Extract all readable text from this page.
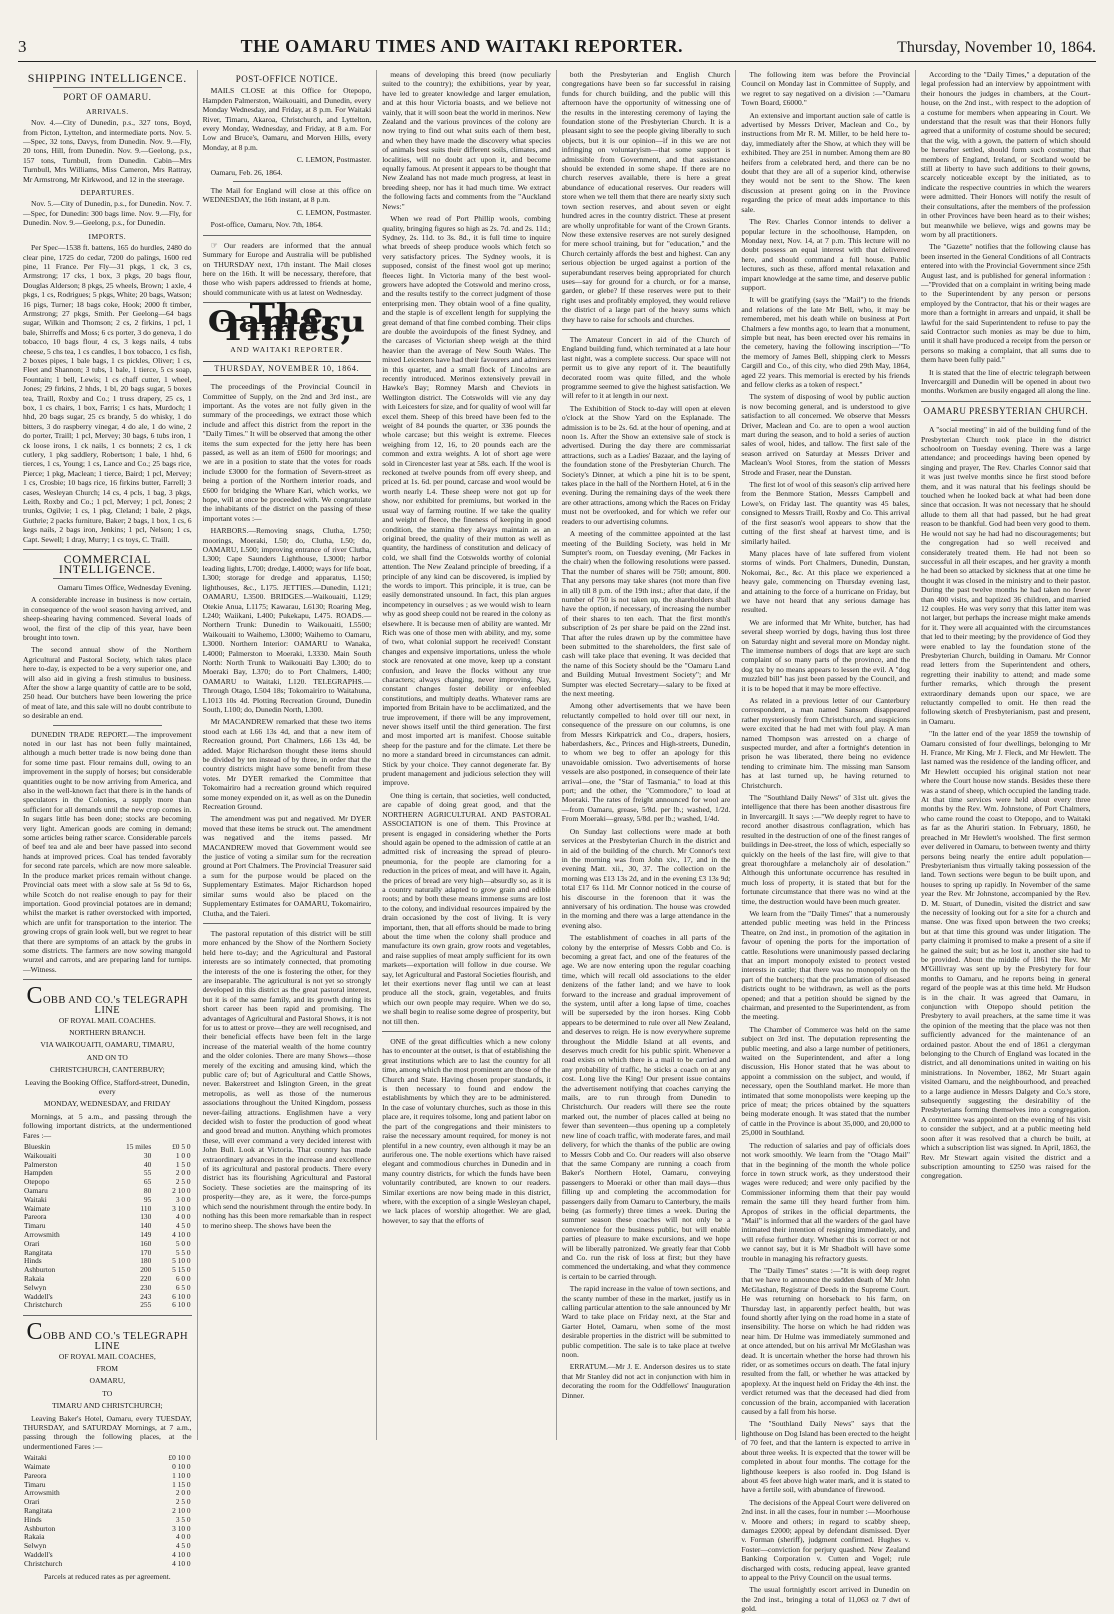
3	THE OAMARU TIMES AND WAITAKI REPORTER.	Thursday, November 10, 1864.
SHIPPING INTELLIGENCE.
PORT OF OAMARU.
ARRIVALS.

Nov. 4.—City of Dunedin, p.s., 327 tons, Boyd, from Picton, Lyttelton, and intermediate ports. Nov. 5.—Spec, 32 tons, Davys, from Dunedin. Nov. 9.—Fly, 20 tons, Hill, from Dunedin. Nov. 9.—Geelong, p.s., 157 tons, Turnbull, from Dunedin. Cabin—Mrs Turnbull, Mrs Williams, Miss Cameron, Mrs Rattray, Mr Armstrong, Mr Kirkwood, and 12 in the steerage.

DEPARTURES.

Nov. 5.—City of Dunedin, p.s., for Dunedin. Nov. 7.—Spec, for Dunedin: 300 bags lime. Nov. 9.—Fly, for Dunedin. Nov. 9.—Geelong, p.s., for Dunedin.

IMPORTS.

Per Spec—1538 ft. battens, 165 do hurdles, 2480 do clear pine, 1725 do cedar, 7200 do palings, 1600 red pine, 11 France. Per Fly—31 pkgs, 1 ck, 3 cs, Armstrong; 17 cks, 1 box, 3 pkgs, 20 bags flour, Douglas Alderson; 8 pkgs, 25 wheels, Brown; 1 axle, 4 pkgs, 1 cs, Rodrigues; 5 pkgs, White; 20 bags, Watson; 16 pigs, Turner; 18 bags coke, Hook; 2000 ft timber, Armstrong; 27 pkgs, Smith. Per Geelong—64 bags sugar, Wilkin and Thomson; 2 cs, 2 firkins, 1 pcl, 1 bale, Shirreffs and Moss; 6 cs porter, 3 do geneva, 1 do tobacco, 10 bags flour, 4 cs, 3 kegs nails, 4 tubs cheese, 5 chs tea, 1 cs candles, 1 box tobacco, 1 cs fish, 2 boxes pipes, 1 bale bags, 1 cs pickles, Oliver; 1 cs, Fleet and Shannon; 3 tubs, 1 bale, 1 tierce, 5 cs soap, Fountain; 1 bell, Lewis; 1 cs chaff cutter, 1 wheel, Jones; 29 firkins, 2 hhds, 1 bl, 20 bags sugar, 5 boxes tea, Traill, Roxby and Co.; 1 truss drapery, 25 cs, 1 box, 1 cs chairs, 1 box, Farris; 1 cs hats, Murdoch; 1 hhd, 20 bags sugar, 25 cs brandy, 5 do whisky, 1 do bitters, 3 do raspberry vinegar, 4 do ale, 1 do wine, 2 do porter, Traill; 1 pcl, Mervey; 30 bags, 6 tubs iron, 1 ck loose irons, 1 ck nails, 1 cs bonnets; 2 cs, 1 ck cutlery, 1 pkg saddlery, Robertson; 1 bale, 1 hhd, 6 tierces, 1 cs, Young; 1 cs, Lance and Co.; 25 bags rice, Pierce; 1 pkg, Maclean; 1 tierce, Baird; 1 pcl, Mervey; 1 cs, Crosbie; 10 bags rice, 16 firkins butter, Farrell; 3 cases, Wesleyan Church; 14 cs, 4 pcls, 1 bag, 3 pkgs, Leith, Roxby and Co.; 1 pcl, Mervey; 1 pcl, Jones; 2 trunks, Ogilvie; 1 cs, 1 pkg, Cleland; 1 bale, 2 pkgs, Guthrie; 2 packs furniture, Baker; 2 bags, 1 box, 1 cs, 6 kegs nails, 2 bags iron, Jenkins; 1 pcl, Nelson; 1 cs, Capt. Sewell; 1 dray, Murry; 1 cs toys, C. Traill.

COMMERCIAL INTELLIGENCE.

Oamaru Times Office, Wednesday Evening.

A considerable increase in business is now certain, in consequence of the wool season having arrived, and sheep-shearing having commenced. Several loads of wool, the first of the clip of this year, have been brought into town.

The second annual show of the Northern Agricultural and Pastoral Society, which takes place here to-day, is expected to be a very superior one, and will also aid in giving a fresh stimulus to business. After the show a large quantity of cattle are to be sold, 250 head. Our butchers have been lowering the price of meat of late, and this sale will no doubt contribute to so desirable an end.

DUNEDIN TRADE REPORT.—The improvement noted in our last has not been fully maintained, although a much better trade is now being done than for some time past. Flour remains dull, owing to an improvement in the supply of horses; but considerable quantities ought to be now arriving from America, and also in the well-known fact that there is in the hands of speculators in the Colonies, a supply more than sufficient for all demands until the new crop comes in. In sugars little has been done; stocks are becoming very light. American goods are coming in demand; some articles being rather scarce. Considerable parcels of beef tea and ale and beer have passed into second hands at improved prices. Coal has tended favorably for second rate parcels, which are now more saleable. In the produce market prices remain without change. Provincial oats meet with a slow sale at 5s 9d to 6s, while Scotch do not realise enough to pay for their importation. Good provincial potatoes are in demand; whilst the market is rather overstocked with imported, which are unfit for transportation to the interior. The growing crops of grain look well, but we regret to hear that there are symptoms of an attack by the grubs in some districts. The farmers are now sowing mangold wurzel and carrots, and are preparing land for turnips.—Witness.

COBB AND CO.'s TELEGRAPH LINE

OF ROYAL MAIL COACHES.

NORTHERN BRANCH.

VIA WAIKOUAITI, OAMARU, TIMARU,

AND ON TO

CHRISTCHURCH, CANTERBURY;

Leaving the Booking Office, Stafford-street, Dunedin, every

MONDAY, WEDNESDAY, and FRIDAY

Mornings, at 5 a.m., and passing through the following important districts, at the undermentioned Fares :—

Blueskin	15 miles	£0 5 0
Waikouaiti	30	1 0 0
Palmerston	40	1 5 0
Hampden	55	2 0 0
Otepopo	65	2 5 0
Oamaru	80	2 10 0
Waitaki	95	3 0 0
Waimate	110	3 10 0
Pareora	130	4 0 0
Timaru	140	4 5 0
Arrowsmith	149	4 10 0
Orari	160	5 0 0
Rangitata	170	5 5 0
Hinds	180	5 10 0
Ashburton	200	5 15 0
Rakaia	220	6 0 0
Selwyn	230	6 5 0
Waddell's	243	6 10 0
Christchurch	255	6 10 0
COBB AND CO.'s TELEGRAPH LINE

OF ROYAL MAIL COACHES,

FROM

OAMARU,

TO

TIMARU AND CHRISTCHURCH;

Leaving Baker's Hotel, Oamaru, every TUESDAY, THURSDAY, and SATURDAY Mornings, at 7 a.m., passing through the following places, at the undermentioned Fares :—

Waitaki	£0 10 0
Waimate	0 10 0
Pareora	1 10 0
Timaru	1 15 0
Arrowsmith	2 0 0
Orari	2 5 0
Rangitata	2 10 0
Hinds	3 5 0
Ashburton	3 10 0
Rakaia	4 0 0
Selwyn	4 5 0
Waddell's	4 10 0
Christchurch	4 10 0

Parcels at reduced rates as per agreement.

POST-OFFICE NOTICE.

MAILS CLOSE at this Office for Otepopo, Hampden Palmerston, Waikouaiti, and Dunedin, every Monday Wednesday, and Friday, at 8 p.m. For Waitaki River, Timaru, Akaroa, Christchurch, and Lyttelton, every Monday, Wednesday, and Friday, at 8 a.m. For Low and Bruce's, Oamaru, and Morven Hills, every Monday, at 8 p.m.

C. LEMON, Postmaster.

Oamaru, Feb. 26, 1864.

The Mail for England will close at this office on WEDNESDAY, the 16th instant, at 8 p.m.

C. LEMON, Postmaster.

Post-office, Oamaru, Nov. 7th, 1864.

☞ Our readers are informed that the annual Summary for Europe and Australia will be published on THURSDAY next, 17th instant. The Mail closes here on the 16th. It will be necessary, therefore, that those who wish papers addressed to friends at home, should communicate with us at latest on Wednesday.

The Oamaru Times,
AND WAITAKI REPORTER.
THURSDAY, NOVEMBER 10, 1864.

The proceedings of the Provincial Council in Committee of Supply, on the 2nd and 3rd inst., are important. As the votes are not fully given in the summary of the proceedings, we extract those which include and affect this district from the report in the "Daily Times." It will be observed that among the other items the sum expected for the jetty here has been passed, as well as an item of £600 for moorings; and we are in a position to state that the votes for roads include £3000 for the formation of Severn-street as being a portion of the Northern interior roads, and £600 for bridging the Whare Kari, which works, we hope, will at once be proceeded with. We congratulate the inhabitants of the district on the passing of these important votes :—

HARBORS.—Removing snags, Clutha, L750; moorings, Moeraki, L50; do, Clutha, L50; do, OAMARU, L500; improving entrance of river Clutha, L300; Cape Saunders Lighthouse, L3000; harbor leading lights, L700; dredge, L4000; ways for life boat, L300; storage for dredge and apparatus, L150; lighthouses, &c., L175. JETTIES.—Dunedin, L121; OAMARU, L3500. BRIDGES.—Waikouaiti, L129; Otekie Anua, L1175; Kawarau, L6130; Roaring Meg, L240; Waiikani, L400; Pukekapu, L475. ROADS.—Northern Trunk: Dunedin to Waikouaiti, L5500; Waikouaiti to Waihemo, L3000; Waihemo to Oamaru, L3000. Northern Interior: OAMARU to Wanaka, L4000; Palmerston to Moeraki, L3330. Main South North: North Trunk to Waikouaiti Bay L300; do to Moeraki Bay, L370; do to Port Chalmers, L400; OAMARU to Waitaki, L120. TELEGRAPHS.—Through Otago, L504 18s; Tokomairiro to Waitahuna, L1013 10s 4d. Plotting Recreation Ground, Dunedin South, L100; do, Dunedin North, L300.

Mr MACANDREW remarked that these two items stood each at L66 13s 4d, and that a new item of Recreation ground, Port Chalmers, L66 13s 4d, be added. Major Richardson thought these items should be divided by ten instead of by three, in order that the country districts might have some benefit from these votes. Mr DYER remarked the Committee that Tokomairiro had a recreation ground which required some money expended on it, as well as on the Dunedin Recreation Ground.

The amendment was put and negatived. Mr DYER moved that these items be struck out. The amendment was negatived and the items passed. Mr MACANDREW moved that Government would see the justice of voting a similar sum for the recreation ground at Port Chalmers. The Provincial Treasurer said a sum for the purpose would be placed on the Supplementary Estimates. Major Richardson hoped similar sums would also be placed on the Supplementary Estimates for OAMARU, Tokomairiro, Clutha, and the Taieri.

The pastoral reputation of this district will be still more enhanced by the Show of the Northern Society held here to-day; and the Agricultural and Pastoral interests are so intimately connected, that promoting the interests of the one is fostering the other, for they are inseparable. The agricultural is not yet so strongly developed in this district as the great pastoral interest, but it is of the same family, and its growth during its short career has been rapid and promising. The advantages of Agricultural and Pastoral Shows, it is not for us to attest or prove—they are well recognised, and their beneficial effects have been felt in the large increase of the material wealth of the home country and the older colonies. There are many Shows—those merely of the exciting and amusing kind, which the public care of; but of Agricultural and Cattle Shows, never. Bakerstreet and Islington Green, in the great metropolis, as well as those of the numerous associations throughout the United Kingdom, possess never-failing attractions. Englishmen have a very decided wish to foster the production of good wheat and good bread and mutton. Anything which promotes these, will ever command a very decided interest with John Bull. Look at Victoria. That country has made extraordinary advances in the increase and excellence of its agricultural and pastoral products. There every district has its flourishing Agricultural and Pastoral Society. These societies are the mainspring of its prosperity—they are, as it were, the force-pumps which send the nourishment through the entire body. In nothing has this been more remarkable than in respect to merino sheep. The shows have been the

means of developing this breed (now peculiarly suited to the country); the exhibitions, year by year, have led to greater knowledge and larger emulation, and at this hour Victoria boasts, and we believe not vainly, that it will soon beat the world in merinos. New Zealand and the various provinces of the colony are now trying to find out what suits each of them best, and when they have made the discovery what species of animals best suits their different soils, climates, and localities, will no doubt act upon it, and become equally famous. At present it appears to be thought that New Zealand has not made much progress, at least in breeding sheep, nor has it had much time. We extract the following facts and comments from the "Auckland News:"

When we read of Port Phillip wools, combing quality, bringing figures so high as 2s. 7d. and 2s. 11d.; Sydney, 2s. 11d. to 3s. 8d., it is full time to inquire what breeds of sheep produce wools which fetch so very satisfactory prices. The Sydney wools, it is supposed, consist of the finest wool got up merino; fleeces light. In Victoria many of the best wool-growers have adopted the Cotswold and merino cross, and the results testify to the correct judgment of those enterprising men. They obtain wool of a fine quality, and the staple is of excellent length for supplying the great demand of that fine combed combing. Their clips are double the avoirdupois of the finest Sydney, and the carcases of Victorian sheep weigh at the third heavier than the average of New South Wales. The mixed Leicesters have had their favourers and admirers in this quarter, and a small flock of Lincolns are recently introduced. Merinos extensively prevail in Hawke's Bay; Romney Marsh and Cheviots in Wellington district. The Cotswolds will vie any day with Leicesters for size, and for quality of wool will far excel them. Sheep of this breed have been fed to the weight of 84 pounds the quarter, or 336 pounds the whole carcase; but this weight is extreme. Fleeces weighing from 12, 16, to 20 pounds each are the common and extra weights. A lot of short age were sold in Cirencester last year at 58s. each. If the wool is reckoned at twelve pounds from off every sheep, and priced at 1s. 6d. per pound, carcase and wool would be worth nearly L4. These sheep were not got up for show, nor exhibited for premiums, but worked in the usual way of farming routine. If we take the quality and weight of fleece, the fineness of keeping in good condition, the stamina they always maintain as an original breed, the quality of their mutton as well as quantity, the hardiness of constitution and delicacy of cold, we shall find the Cotswolds worthy of colonial attention. The New Zealand principle of breeding, if a principle of any kind can be discovered, is implied by the words to import. This principle, it is true, can be easily demonstrated unsound. In fact, this plan argues incompetency in ourselves ; as we would wish to learn why as good sheep could not be reared in the colony as elsewhere. It is because men of ability are wanted. Mr Rich was one of those men with ability, and my, some of two, what colonial support he received! Constant changes and expensive importations, unless the whole stock are renovated at one move, keep up a constant confusion, and leave the flocks without any true characters; always changing, never improving. Nay, constant changes foster debility or enfeebled constitutions, and multiply deaths. Whatever rams are imported from Britain have to be acclimatized, and the true improvement, if there will be any improvement, never shows itself until the third generation. The first and most imported art is manifest. Choose suitable sheep for the pasture and for the climate. Let there be no more a standard breed in circumstances can admit. Stick by your choice. They cannot degenerate far. By prudent management and judicious selection they will improve.

One thing is certain, that societies, well conducted, are capable of doing great good, and that the NORTHERN AGRICULTURAL AND PASTORAL ASSOCIATION is one of them. This Province at present is engaged in considering whether the Ports should again be opened to the admission of cattle at an admitted risk of increasing the spread of pleuro-pneumonia, for the people are clamoring for a reduction in the prices of meat, and will have it. Again, the prices of bread are very high—absurdly so, as it is a country naturally adapted to grow grain and edible roots; and by both these means immense sums are lost to the colony, and individual resources impaired by the drain occasioned by the cost of living. It is very important, then, that all efforts should be made to bring about the time when the colony shall produce and manufacture its own grain, grow roots and vegetables, and raise supplies of meat amply sufficient for its own markets—exportation will follow in due course. We say, let Agricultural and Pastoral Societies flourish, and let their exertions never flag until we can at least produce all the stock, grain, vegetables, and fruits which our own people may require. When we do so, we shall begin to realise some degree of prosperity, but not till then.

ONE of the great difficulties which a new colony has to encounter at the outset, is that of establishing the great institutions which are to last the country for all time, among which the most prominent are those of the Church and State. Having chosen proper standards, it is then necessary to found and endow the establishments by which they are to be administered. In the case of voluntary churches, such as those in this place are, it requires tolsome, long and patient labor on the part of the congregations and their ministers to raise the necessary amount required, for money is not plentiful in a new country, even although it may be an auriferous one. The noble exertions which have raised elegant and commodious churches in Dunedin and in many country districts, for which the funds have been voluntarily contributed, are known to our readers. Similar exertions are now being made in this district, where, with the exception of a single Wesleyan chapel, we lack places of worship altogether. We are glad, however, to say that the efforts of

both the Presbyterian and English Church congregations have been so far successful in raising funds for church building, and the public will this afternoon have the opportunity of witnessing one of the results in the interesting ceremony of laying the foundation stone of the Presbyterian Church. It is a pleasant sight to see the people giving liberally to such objects, but it is our opinion—if in this we are not infringing on voluntaryism—that some support is admissible from Government, and that assistance should be extended in some shape. If there are no church reserves available, there is here a great abundance of educational reserves. Our readers will store when we tell them that there are nearly sixty such town section reserves, and about seven or eight hundred acres in the country district. These at present are wholly unprofitable for want of the Crown Grants. Now these extensive reserves are not surely designed for mere school training, but for "education," and the Church certainly affords the best and highest. Can any serious objection be urged against a portion of the superabundant reserves being appropriated for church uses—say for ground for a church, or for a manse, garden, or glebe? If these reserves were put to their right uses and profitably employed, they would relieve the district of a large part of the heavy sums which they have to raise for schools and churches.

The Amateur Concert in aid of the Church of England building fund, which terminated at a late hour last night, was a complete success. Our space will not permit us to give any report of it. The beautifully decorated room was quite filled, and the whole programme seemed to give the highest satisfaction. We will refer to it at length in our next.

The Exhibition of Stock to-day will open at eleven o'clock at the Show Yard on the Esplanade. The admission is to be 2s. 6d. at the hour of opening, and at noon 1s. After the Show an extensive sale of stock is advertised. During the day there are commissariat attractions, such as a Ladies' Bazaar, and the laying of the foundation stone of the Presbyterian Church. The Society's Dinner, at which a pine hit is to be spent, takes place in the hall of the Northern Hotel, at 6 in the evening. During the remaining days of the week there are other attractions, among which the Races on Friday must not be overlooked, and for which we refer our readers to our advertising columns.

A meeting of the committee appointed at the last meeting of the Building Society, was held in Mr Sumpter's room, on Tuesday evening, (Mr Fackes in the chair) when the following resolutions were passed. That the number of shares will be 750; amount, 800. That any persons may take shares (not more than five in all) till 8 p.m. of the 19th inst.; after that date, if the number of 750 is not taken up, the shareholders shall have the option, if necessary, of increasing the number of their shares to ten each. That the first month's subscription of 2s per share be paid on the 22nd inst. That after the rules drawn up by the committee have been submitted to the shareholders, the first sale of cash will take place that evening. It was decided that the name of this Society should be the "Oamaru Land and Building Mutual Investment Society"; and Mr Sumpter was elected Secretary—salary to be fixed at the next meeting.

Among other advertisements that we have been reluctantly compelled to hold over till our next, in consequence of the pressure on our columns, is one from Messrs Kirkpatrick and Co., drapers, hosiers, haberdashers, &c., Princes and High-streets, Dunedin, to whom we beg to offer an apology for this unavoidable omission. Two advertisements of horse vessels are also postponed, in consequence of their late arrival—one, the "Star of Tasmania," to load at this port; and the other, the "Commodore," to load at Moeraki. The rates of freight announced for wool are—from Oamaru, grease, 5/8d. per lb.; washed, 1/2d. From Moeraki—greasy, 5/8d. per lb.; washed, 1/4d.

On Sunday last collections were made at both services at the Presbyterian Church in the district and in aid of the building of the church. Mr Connor's text in the morning was from John xiv., 17, and in the evening Matt. xii., 30, 37. The collection on the morning was £13 13s 2d, and in the evening £3 13s 9d; total £17 6s 11d. Mr Connor noticed in the course of his discourse in the forenoon that it was the anniversary of his ordination. The house was crowded in the morning and there was a large attendance in the evening also.

The establishment of coaches in all parts of the colony by the enterprise of Messrs Cobb and Co. is becoming a great fact, and one of the features of the age. We are now entering upon the regular coaching time, which will recall old associations to the elder denizens of the father land; and we have to look forward to the increase and gradual improvement of the system, until after a long lapse of time, coaches will be superseded by the iron horses. King Cobb appears to be determined to rule over all New Zealand, and deserves to reign. He is now everywhere supreme throughout the Middle Island at all events, and deserves much credit for his public spirit. Whenever a road exists on which there is a mail to be carried and any probability of traffic, he sticks a coach on at any cost. Long live the King! Our present issue contains the advertisement notifying that coaches carrying the mails, are to run through from Dunedin to Christchurch. Our readers will there see the route marked out, the number of places called at being no fewer than seventeen—thus opening up a completely new line of coach traffic, with moderate fares, and mail delivery, for which the thanks of the public are owing to Messrs Cobb and Co. Our readers will also observe that the same Company are running a coach from Baker's Northern Hotel, Oamaru, conveying passengers to Moeraki or other than mail days—thus filling up and completing the accommodation for passengers daily from Oamaru to Canterbury, the mails being (as formerly) three times a week. During the summer season these coaches will not only be a convenience for the business public, but will enable parties of pleasure to make excursions, and we hope will be liberally patronized. We greatly fear that Cobb and Co. run the risk of loss at first; but they have commenced the undertaking, and what they commence is certain to be carried through.

The rapid increase in the value of town sections, and the scanty number of these in the market, justify us in calling particular attention to the sale announced by Mr Ward to take place on Friday next, at the Star and Garter Hotel, Oamaru, when some of the most desirable properties in the district will be submitted to public competition. The sale is to take place at twelve noon.

ERRATUM.—Mr J. E. Anderson desires us to state that Mr Stanley did not act in conjunction with him in decorating the room for the Oddfellows' Inauguration Dinner.

The following item was before the Provincial Council on Monday last in Committee of Supply, and we regret to say negatived on a division :—"Oamaru Town Board, £6000."

An extensive and important auction sale of cattle is advertised by Messrs Driver, Maclean and Co., by instructions from Mr R. M. Miller, to be held here to-day, immediately after the Show, at which they will be exhibited. They are 251 in number. Among them are 80 heifers from a celebrated herd, and there can be no doubt that they are all of a superior kind, otherwise they would not be sent to the Show. The keen discussion at present going on in the Province regarding the price of meat adds importance to this sale.

The Rev. Charles Connor intends to deliver a popular lecture in the schoolhouse, Hampden, on Monday next, Nov. 14, at 7 p.m. This lecture will no doubt possess an equal interest with that delivered here, and should command a full house. Public lectures, such as these, afford mental relaxation and impart knowledge at the same time, and deserve public support.

It will be gratifying (says the "Mail") to the friends and relations of the late Mr Bell, who, it may be remembered, met his death while on business at Port Chalmers a few months ago, to learn that a monument, simple but neat, has been erected over his remains in the cemetery, having the following inscription—"To the memory of James Bell, shipping clerk to Messrs Cargill and Co., of this city, who died 29th May, 1864, aged 22 years. This memorial is erected by his friends and fellow clerks as a token of respect."

The system of disposing of wool by public auction is now becoming general, and is understood to give satisfaction to all concerned. We observe that Messrs Driver, Maclean and Co. are to open a wool auction mart during the season, and to hold a series of auction sales of wool, hides, and tallow. The first sale of the season arrived on Saturday at Messrs Driver and Maclean's Wool Stores, from the station of Messrs Strode and Fraser, near the Dunstan.

The first lot of wool of this season's clip arrived here from the Benmore Station, Messrs Campbell and Lowe's, on Friday last. The quantity was 45 bales, consigned to Messrs Traill, Roxby and Co. This arrival of the first season's wool appears to show that the cutting of the first sheaf at harvest time, and is similarly hailed.

Many places have of late suffered from violent storms of winds. Port Chalmers, Dunedin, Dunstan, Nokomai, &c., &c. At this place we experienced a heavy gale, commencing on Thursday evening last, and attaining to the force of a hurricane on Friday, but we have not heard that any serious damage has resulted.

We are informed that Mr White, butcher, has had several sheep worried by dogs, having thus lost three on Saturday night and several more on Monday night. The immense numbers of dogs that are kept are such complaint of so many parts of the province, and the dog tax by no means appears to lessen the evil. A "dog muzzled bill" has just been passed by the Council, and it is to be hoped that it may be more effective.

As related in a previous letter of our Canterbury correspondent, a man named Sansom disappeared rather mysteriously from Christchurch, and suspicions were excited that he had met with foul play. A man named Thompson was arrested on a charge of suspected murder, and after a fortnight's detention in prison he was liberated, there being no evidence tending to criminate him. The missing man Sansom has at last turned up, he having returned to Christchurch.

The "Southland Daily News" of 31st ult. gives the intelligence that there has been another disastrous fire in Invercargill. It says :—"We deeply regret to have to record another disastrous conflagration, which has resulted in the destruction of one of the finest ranges of buildings in Dee-street, the loss of which, especially so quickly on the heels of the last fire, will give to that great thoroughfare a melancholy air of desolation." Although this unfortunate occurrence has resulted in much loss of property, it is stated that but for the fortunate circumstance that there was no wind at the time, the destruction would have been much greater.

We learn from the "Daily Times" that a numerously attended public meeting was held in the Princess Theatre, on 2nd inst., in promotion of the agitation in favour of opening the ports for the importation of cattle. Resolutions were unanimously passed declaring that an import monopoly existed to protect vested interests in cattle; that there was no monopoly on the part of the butchers; that the proclamation of diseased districts ought to be withdrawn, as well as the ports opened; and that a petition should be signed by the chairman, and presented to the Superintendent, as from the meeting.

The Chamber of Commerce was held on the same subject on 3rd inst. The deputation representing the public meeting, and also a large number of petitioners, waited on the Superintendent, and after a long discussion, His Honor stated that he was about to appoint a commission on the subject, and would, if necessary, open the Southland market. He more than intimated that some monopolists were keeping up the price of meat; the prices obtained by the squatters being moderate enough. It was stated that the number of cattle in the Province is about 35,000, and 20,000 to 25,000 in Southland.

The reduction of salaries and pay of officials does not work smoothly. We learn from the "Otago Mail" that in the beginning of the month the whole police force in town struck work, as they understood their wages were reduced; and were only pacified by the Commissioner informing them that their pay would remain the same till they heard further from him. Apropos of strikes in the official departments, the "Mail" is informed that all the warders of the gaol have intimated their intention of resigning immediately, and will refuse further duty. Whether this is correct or not we cannot say, but it is Mr Shadbolt will have some trouble in managing his refractory guests.

The "Daily Times" states :—"It is with deep regret that we have to announce the sudden death of Mr John McGlashan, Registrar of Deeds in the Supreme Court. He was returning on horseback to his farm, on Thursday last, in apparently perfect health, but was found shortly after lying on the road home in a state of insensibility. The horse on which he had ridden was near him. Dr Hulme was immediately summoned and at once attended, but on his arrival Mr McGlashan was dead. It is uncertain whether the horse had thrown his rider, or as sometimes occurs on death. The fatal injury resulted from the fall, or whether he was attacked by apoplexy. At the inquest held on Friday the 4th inst. the verdict returned was that the deceased had died from concussion of the brain, accompanied with laceration caused by a fall from his horse.

The "Southland Daily News" says that the lighthouse on Dog Island has been erected to the height of 70 feet, and that the lantern is expected to arrive in about three weeks. It is expected that the tower will be completed in about four months. The cottage for the lighthouse keepers is also roofed in. Dog Island is about 45 feet above high water mark, and it is stated to have a fertile soil, with abundance of firewood.

The decisions of the Appeal Court were delivered on 2nd inst. in all the cases, four in number :—Moorhouse v. Moore and others; in regard to scabby sheep, damages £2000; appeal by defendant dismissed. Dyer v. Forman (sheriff), judgment confirmed. Hughes v. Foster—conviction for perjury quashed. New Zealand Banking Corporation v. Cutten and Vogel; rule discharged with costs, reducing appeal, leave granted to appeal to the Privy Council on the usual terms.

The usual fortnightly escort arrived in Dunedin on the 2nd inst., bringing a total of 11,063 oz 7 dwt of gold.

According to the "Daily Times," a deputation of the legal profession had an interview by appointment with their honours the judges in chambers, at the Court-house, on the 2nd inst., with respect to the adoption of a costume for members when appearing in Court. We understand that the result was that their Honors fully agreed that a uniformity of costume should be secured; that the wig, with a gown, the pattern of which should be hereafter settled, should form such costume; that members of England, Ireland, or Scotland would be still at liberty to have such additions to their gowns, scarcely noticeable except by the initiated, as to indicate the respective countries in which the wearers were admitted. Their Honors will notify the result of their consultations, after the members of the profession in other Provinces have been heard as to their wishes; but meanwhile we believe, wigs and gowns may be worn by all practitioners.

The "Gazette" notifies that the following clause has been inserted in the General Conditions of all Contracts entered into with the Provincial Government since 25th August last, and is published for general information :—"Provided that on a complaint in writing being made to the Superintendent by any person or persons employed by the Contractor, that his or their wages are more than a fortnight in arrears and unpaid, it shall be lawful for the said Superintendent to refuse to pay the said Contractor such monies as may be due to him, until it shall have produced a receipt from the person or persons so making a complaint, that all sums due to them have been fully paid."

It is stated that the line of electric telegraph between Invercargill and Dunedin will be opened in about two months. Workmen are busily engaged all along the line.

OAMARU PRESBYTERIAN CHURCH.

A "social meeting" in aid of the building fund of the Presbyterian Church took place in the district schoolroom on Tuesday evening. There was a large attendance; and proceedings having been opened by singing and prayer, The Rev. Charles Connor said that it was just twelve months since he first stood before them, and it was natural that his feelings should be touched when he looked back at what had been done since that occasion. It was not necessary that he should allude to them all that had passed, but he had great reason to be thankful. God had been very good to them. He would not say he had had no discouragements; but the congregation had so well received and considerately treated them. He had not been so successful in all their escapes, and her gravity a month he had been so attacked by sickness that at one time he thought it was closed in the ministry and to their pastor. During the past twelve months he had taken no fewer than 400 visits, and baptized 36 children, and married 12 couples. He was very sorry that this latter item was not larger, but perhaps the increase might make amends for it. They were all acquainted with the circumstances that led to their meeting; by the providence of God they were enabled to lay the foundation stone of the Presbyterian Church, building in Oamaru. Mr Connor read letters from the Superintendent and others, regretting their inability to attend; and made some further remarks, which through the present extraordinary demands upon our space, we are reluctantly compelled to omit. He then read the following sketch of Presbyterianism, past and present, in Oamaru.

"In the latter end of the year 1859 the township of Oamaru consisted of four dwellings, belonging to Mr H. France, Mr King, Mr J. Fleck, and Mr Hewlett. The last named was the residence of the landing officer, and Mr Hewlett occupied his original station not near where the Court house now stands. Besides these there was a stand of sheep, which occupied the landing trade. At that time services were held about every three months by the Rev. Wm. Johnstone, of Port Chalmers, who came round the coast to Otepopo, and to Waitaki as far as the Ahuriri station. In February, 1860, he preached in Mr Hewlett's woolshed. The first sermon ever delivered in Oamaru, to between twenty and thirty persons being nearly the entire adult population—Presbyterianism thus virtually taking possession of the land. Town sections were begun to be built upon, and houses to spring up rapidly. In November of the same year the Rev. Mr Johnstone, accompanied by the Rev. D. M. Stuart, of Dunedin, visited the district and saw the necessity of looking out for a site for a church and manse. One was fixed upon between the two creeks; but at that time this ground was under litigation. The party claiming it promised to make a present of a site if he gained the suit; but as he lost it, another site had to be provided. About the middle of 1861 the Rev. Mr M'Gillivray was sent up by the Presbytery for four months to Oamaru, and he reports being in general regard of the people was at this time held. Mr Hudson is in the chair. It was agreed that Oamaru, in conjunction with Otepopo should petition the Presbytery to avail preachers, at the same time it was the opinion of the meeting that the place was not then sufficiently advanced for the maintenance of an ordained pastor. About the end of 1861 a clergyman belonging to the Church of England was located in the district, and all denominations united in waiting on his ministrations. In November, 1862, Mr Stuart again visited Oamaru, and the neighbourhood, and preached to a large audience in Messrs Dalgety and Co.'s store, subsequently suggesting the desirability of the Presbyterians forming themselves into a congregation. A committee was appointed on the evening of his visit to consider the subject, and at a public meeting held soon after it was resolved that a church be built, at which a subscription list was signed. In April, 1863, the Rev. Mr Stewart again visited the district and a subscription amounting to £250 was raised for the congregation.
